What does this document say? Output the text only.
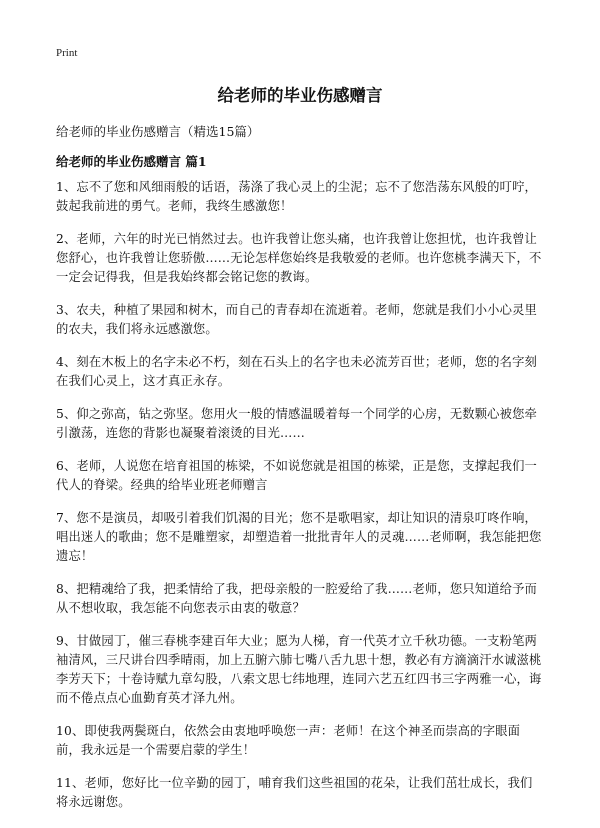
Print
给老师的毕业伤感赠言

给老师的毕业伤感赠言（精选15篇）

给老师的毕业伤感赠言 篇1

1、忘不了您和风细雨般的话语，荡涤了我心灵上的尘泥；忘不了您浩荡东风般的叮咛，鼓起我前进的勇气。老师，我终生感激您！

2、老师，六年的时光已悄然过去。也许我曾让您头痛，也许我曾让您担忧，也许我曾让您舒心，也许我曾让您骄傲……无论怎样您始终是我敬爱的老师。也许您桃李满天下，不一定会记得我，但是我始终都会铭记您的教诲。

3、农夫，种植了果园和树木，而自己的青春却在流逝着。老师，您就是我们小小心灵里的农夫，我们将永远感激您。

4、刻在木板上的名字未必不朽，刻在石头上的名字也未必流芳百世；老师，您的名字刻在我们心灵上，这才真正永存。

5、仰之弥高，钻之弥坚。您用火一般的情感温暖着每一个同学的心房，无数颗心被您牵引激荡，连您的背影也凝聚着滚烫的目光……

6、老师，人说您在培育祖国的栋梁，不如说您就是祖国的栋梁，正是您，支撑起我们一代人的脊梁。经典的给毕业班老师赠言

7、您不是演员，却吸引着我们饥渴的目光；您不是歌唱家，却让知识的清泉叮咚作响，唱出迷人的歌曲；您不是雕塑家，却塑造着一批批青年人的灵魂……老师啊，我怎能把您遗忘！

8、把精魂给了我，把柔情给了我，把母亲般的一腔爱给了我……老师，您只知道给予而从不想收取，我怎能不向您表示由衷的敬意？

9、甘做园丁，催三春桃李建百年大业；愿为人梯，育一代英才立千秋功德。一支粉笔两袖清风，三尺讲台四季晴雨，加上五腑六肺七嘴八舌九思十想，教必有方滴滴汗水诚滋桃李芳天下；十卷诗赋九章勾股，八索文思七纬地理，连同六艺五红四书三字两雅一心，诲而不倦点点心血勤育英才泽九州。

10、即使我两鬓斑白，依然会由衷地呼唤您一声：老师！在这个神圣而崇高的字眼面前，我永远是一个需要启蒙的学生！

11、老师，您好比一位辛勤的园丁，哺育我们这些祖国的花朵，让我们茁壮成长，我们将永远谢您。
